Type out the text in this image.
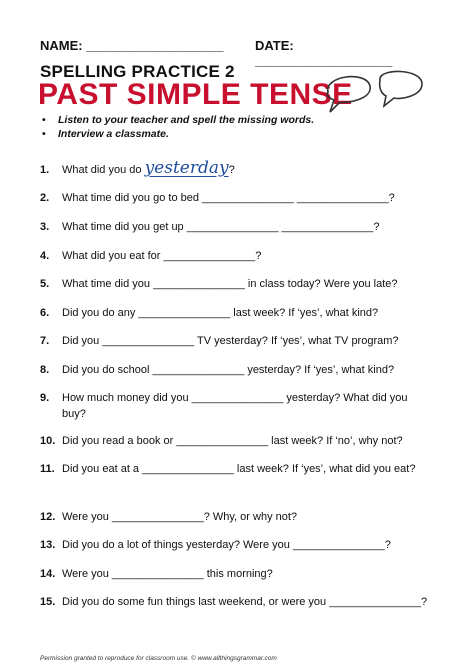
NAME: ___________________ DATE: ___________________
SPELLING PRACTICE 2
PAST SIMPLE TENSE
• Listen to your teacher and spell the missing words.
• Interview a classmate.
1.	What did you do yesterday?
2.	What time did you go to bed _______________ _______________?
3.	What time did you get up _______________ _______________?
4.	What did you eat for _______________?
5.	What time did you _______________ in class today? Were you late?
6.	Did you do any _______________ last week? If ‘yes’, what kind?
7.	Did you _______________ TV yesterday? If ‘yes’, what TV program?
8.	Did you do school _______________ yesterday? If ‘yes’, what kind?
9.	How much money did you _______________ yesterday? What did you buy?
10. Did you read a book or _______________ last week? If ‘no’, why not?
11. Did you eat at a _______________ last week? If ‘yes’, what did you eat?
12. Were you _______________? Why, or why not?
13. Did you do a lot of things yesterday? Were you _______________?
14. Were you _______________ this morning?
15. Did you do some fun things last weekend, or were you _______________?
Permission granted to reproduce for classroom use. © www.allthingsgrammar.com
